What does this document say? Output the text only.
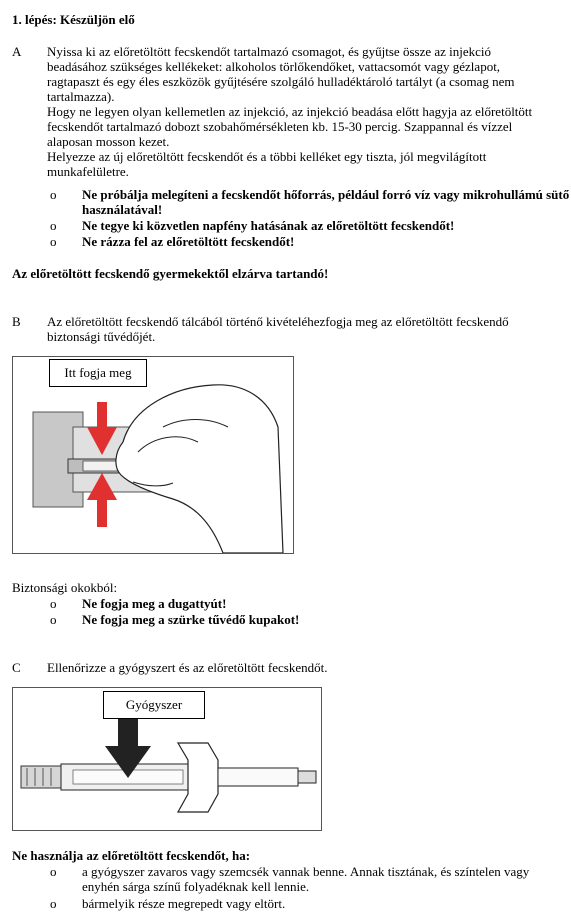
1. lépés: Készüljön elő
A Nyissa ki az előretöltött fecskendőt tartalmazó csomagot, és gyűjtse össze az injekció
beadásához szükséges kellékeket: alkoholos törlőkendőket, vattacsomót vagy gézlapot,
ragtapaszt és egy éles eszközök gyűjtésére szolgáló hulladéktároló tartályt (a csomag nem
tartalmazza).
Hogy ne legyen olyan kellemetlen az injekció, az injekció beadása előtt hagyja az előretöltött
fecskendőt tartalmazó dobozt szobahőmérsékleten kb. 15-30 percig. Szappannal és vízzel
alaposan mosson kezet.
Helyezze az új előretöltött fecskendőt és a többi kelléket egy tiszta, jól megvilágított
munkafelületre.
o Ne próbálja melegíteni a fecskendőt hőforrás, például forró víz vagy mikrohullámú sütő
használatával!
o Ne tegye ki közvetlen napfény hatásának az előretöltött fecskendőt!
o Ne rázza fel az előretöltött fecskendőt!
Az előretöltött fecskendő gyermekektől elzárva tartandó!
B Az előretöltött fecskendő tálcából történő kivételéhezfogja meg az előretöltött fecskendő
biztonsági tűvédőjét.
Itt fogja meg
Biztonsági okokból:
o Ne fogja meg a dugattyút!
o Ne fogja meg a szürke tűvédő kupakot!
C Ellenőrizze a gyógyszert és az előretöltött fecskendőt.
Gyógyszer
Ne használja az előretöltött fecskendőt, ha:
o a gyógyszer zavaros vagy szemcsék vannak benne. Annak tisztának, és színtelen vagy
enyhén sárga színű folyadéknak kell lennie.
o bármelyik része megrepedt vagy eltört.
